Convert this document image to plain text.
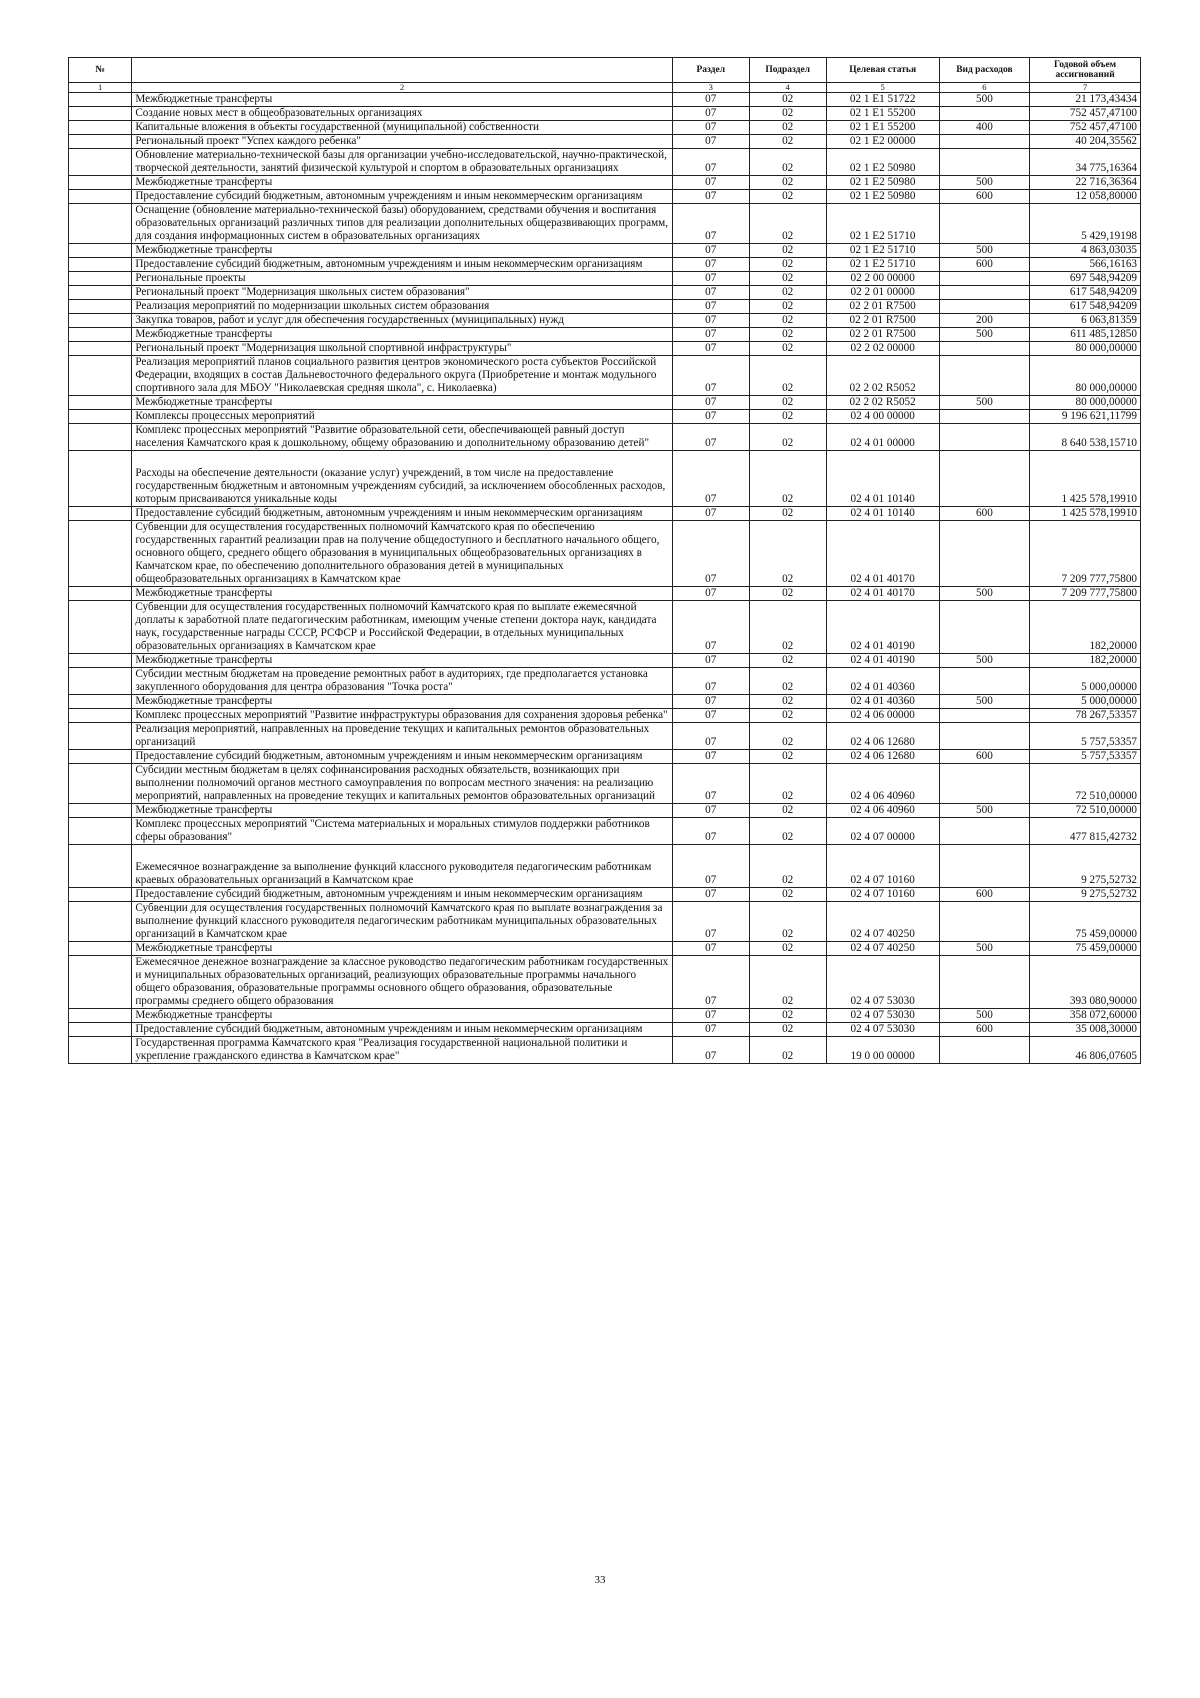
№		Раздел	Подраздел	Целевая статья	Вид расходов	Годовой объем ассигнований
1	2	3	4	5	6	7
	Межбюджетные трансферты	07	02	02 1 Е1 51722	500	21 173,43434
	Создание новых мест в общеобразовательных организациях	07	02	02 1 Е1 55200		752 457,47100
	Капитальные вложения в объекты государственной (муниципальной) собственности	07	02	02 1 Е1 55200	400	752 457,47100
	Региональный проект "Успех каждого ребенка"	07	02	02 1 Е2 00000		40 204,35562
	Обновление материально-технической базы для организации учебно-исследовательской, научно-практической, творческой деятельности, занятий физической культурой и спортом в образовательных организациях	07	02	02 1 Е2 50980		34 775,16364
	Межбюджетные трансферты	07	02	02 1 Е2 50980	500	22 716,36364
	Предоставление субсидий бюджетным, автономным учреждениям и иным некоммерческим организациям	07	02	02 1 Е2 50980	600	12 058,80000
	Оснащение (обновление материально-технической базы) оборудованием, средствами обучения и воспитания образовательных организаций различных типов для реализации дополнительных общеразвивающих программ, для создания информационных систем в образовательных организациях	07	02	02 1 Е2 51710		5 429,19198
	Межбюджетные трансферты	07	02	02 1 Е2 51710	500	4 863,03035
	Предоставление субсидий бюджетным, автономным учреждениям и иным некоммерческим организациям	07	02	02 1 Е2 51710	600	566,16163
	Региональные проекты	07	02	02 2 00 00000		697 548,94209
	Региональный проект "Модернизация школьных систем образования"	07	02	02 2 01 00000		617 548,94209
	Реализация мероприятий по модернизации школьных систем образования	07	02	02 2 01 R7500		617 548,94209
	Закупка товаров, работ и услуг для обеспечения государственных (муниципальных) нужд	07	02	02 2 01 R7500	200	6 063,81359
	Межбюджетные трансферты	07	02	02 2 01 R7500	500	611 485,12850
	Региональный проект "Модернизация школьной спортивной инфраструктуры"	07	02	02 2 02 00000		80 000,00000
	Реализация мероприятий планов социального развития центров экономического роста субъектов Российской Федерации, входящих в состав Дальневосточного федерального округа (Приобретение и монтаж модульного спортивного зала для МБОУ "Николаевская средняя школа", с. Николаевка)	07	02	02 2 02 R5052		80 000,00000
	Межбюджетные трансферты	07	02	02 2 02 R5052	500	80 000,00000
	Комплексы процессных мероприятий	07	02	02 4 00 00000		9 196 621,11799
	Комплекс процессных мероприятий "Развитие образовательной сети, обеспечивающей равный доступ населения Камчатского края к дошкольному, общему образованию и дополнительному образованию детей"	07	02	02 4 01 00000		8 640 538,15710
	Расходы на обеспечение деятельности (оказание услуг) учреждений, в том числе на предоставление государственным бюджетным и автономным учреждениям субсидий, за исключением обособленных расходов, которым присваиваются уникальные коды	07	02	02 4 01 10140		1 425 578,19910
	Предоставление субсидий бюджетным, автономным учреждениям и иным некоммерческим организациям	07	02	02 4 01 10140	600	1 425 578,19910
	Субвенции для осуществления государственных полномочий Камчатского края по обеспечению государственных гарантий реализации прав на получение общедоступного и бесплатного начального общего, основного общего, среднего общего образования в муниципальных общеобразовательных организациях в Камчатском крае, по обеспечению дополнительного образования детей в муниципальных общеобразовательных организациях в Камчатском крае	07	02	02 4 01 40170		7 209 777,75800
	Межбюджетные трансферты	07	02	02 4 01 40170	500	7 209 777,75800
	Субвенции для осуществления государственных полномочий Камчатского края по выплате ежемесячной доплаты к заработной плате педагогическим работникам, имеющим ученые степени доктора наук, кандидата наук, государственные награды СССР, РСФСР и Российской Федерации, в отдельных муниципальных образовательных организациях в Камчатском крае	07	02	02 4 01 40190		182,20000
	Межбюджетные трансферты	07	02	02 4 01 40190	500	182,20000
	Субсидии местным бюджетам на проведение ремонтных работ в аудиториях, где предполагается установка закупленного оборудования для центра образования "Точка роста"	07	02	02 4 01 40360		5 000,00000
	Межбюджетные трансферты	07	02	02 4 01 40360	500	5 000,00000
	Комплекс процессных мероприятий "Развитие инфраструктуры образования для сохранения здоровья ребенка"	07	02	02 4 06 00000		78 267,53357
	Реализация мероприятий, направленных на проведение текущих и капитальных ремонтов образовательных организаций	07	02	02 4 06 12680		5 757,53357
	Предоставление субсидий бюджетным, автономным учреждениям и иным некоммерческим организациям	07	02	02 4 06 12680	600	5 757,53357
	Субсидии местным бюджетам в целях софинансирования расходных обязательств, возникающих при выполнении полномочий органов местного самоуправления по вопросам местного значения: на реализацию мероприятий, направленных на проведение текущих и капитальных ремонтов образовательных организаций	07	02	02 4 06 40960		72 510,00000
	Межбюджетные трансферты	07	02	02 4 06 40960	500	72 510,00000
	Комплекс процессных мероприятий "Система материальных и моральных стимулов поддержки работников сферы образования"	07	02	02 4 07 00000		477 815,42732
	Ежемесячное вознаграждение за выполнение функций классного руководителя педагогическим работникам краевых образовательных организаций в Камчатском крае	07	02	02 4 07 10160		9 275,52732
	Предоставление субсидий бюджетным, автономным учреждениям и иным некоммерческим организациям	07	02	02 4 07 10160	600	9 275,52732
	Субвенции для осуществления государственных полномочий Камчатского края по выплате вознаграждения за выполнение функций классного руководителя педагогическим работникам муниципальных образовательных организаций в Камчатском крае	07	02	02 4 07 40250		75 459,00000
	Межбюджетные трансферты	07	02	02 4 07 40250	500	75 459,00000
	Ежемесячное денежное вознаграждение за классное руководство педагогическим работникам государственных и муниципальных образовательных организаций, реализующих образовательные программы начального общего образования, образовательные программы основного общего образования, образовательные программы среднего общего образования	07	02	02 4 07 53030		393 080,90000
	Межбюджетные трансферты	07	02	02 4 07 53030	500	358 072,60000
	Предоставление субсидий бюджетным, автономным учреждениям и иным некоммерческим организациям	07	02	02 4 07 53030	600	35 008,30000
	Государственная программа Камчатского края "Реализация государственной национальной политики и укрепление гражданского единства в Камчатском крае"	07	02	19 0 00 00000		46 806,07605
33
